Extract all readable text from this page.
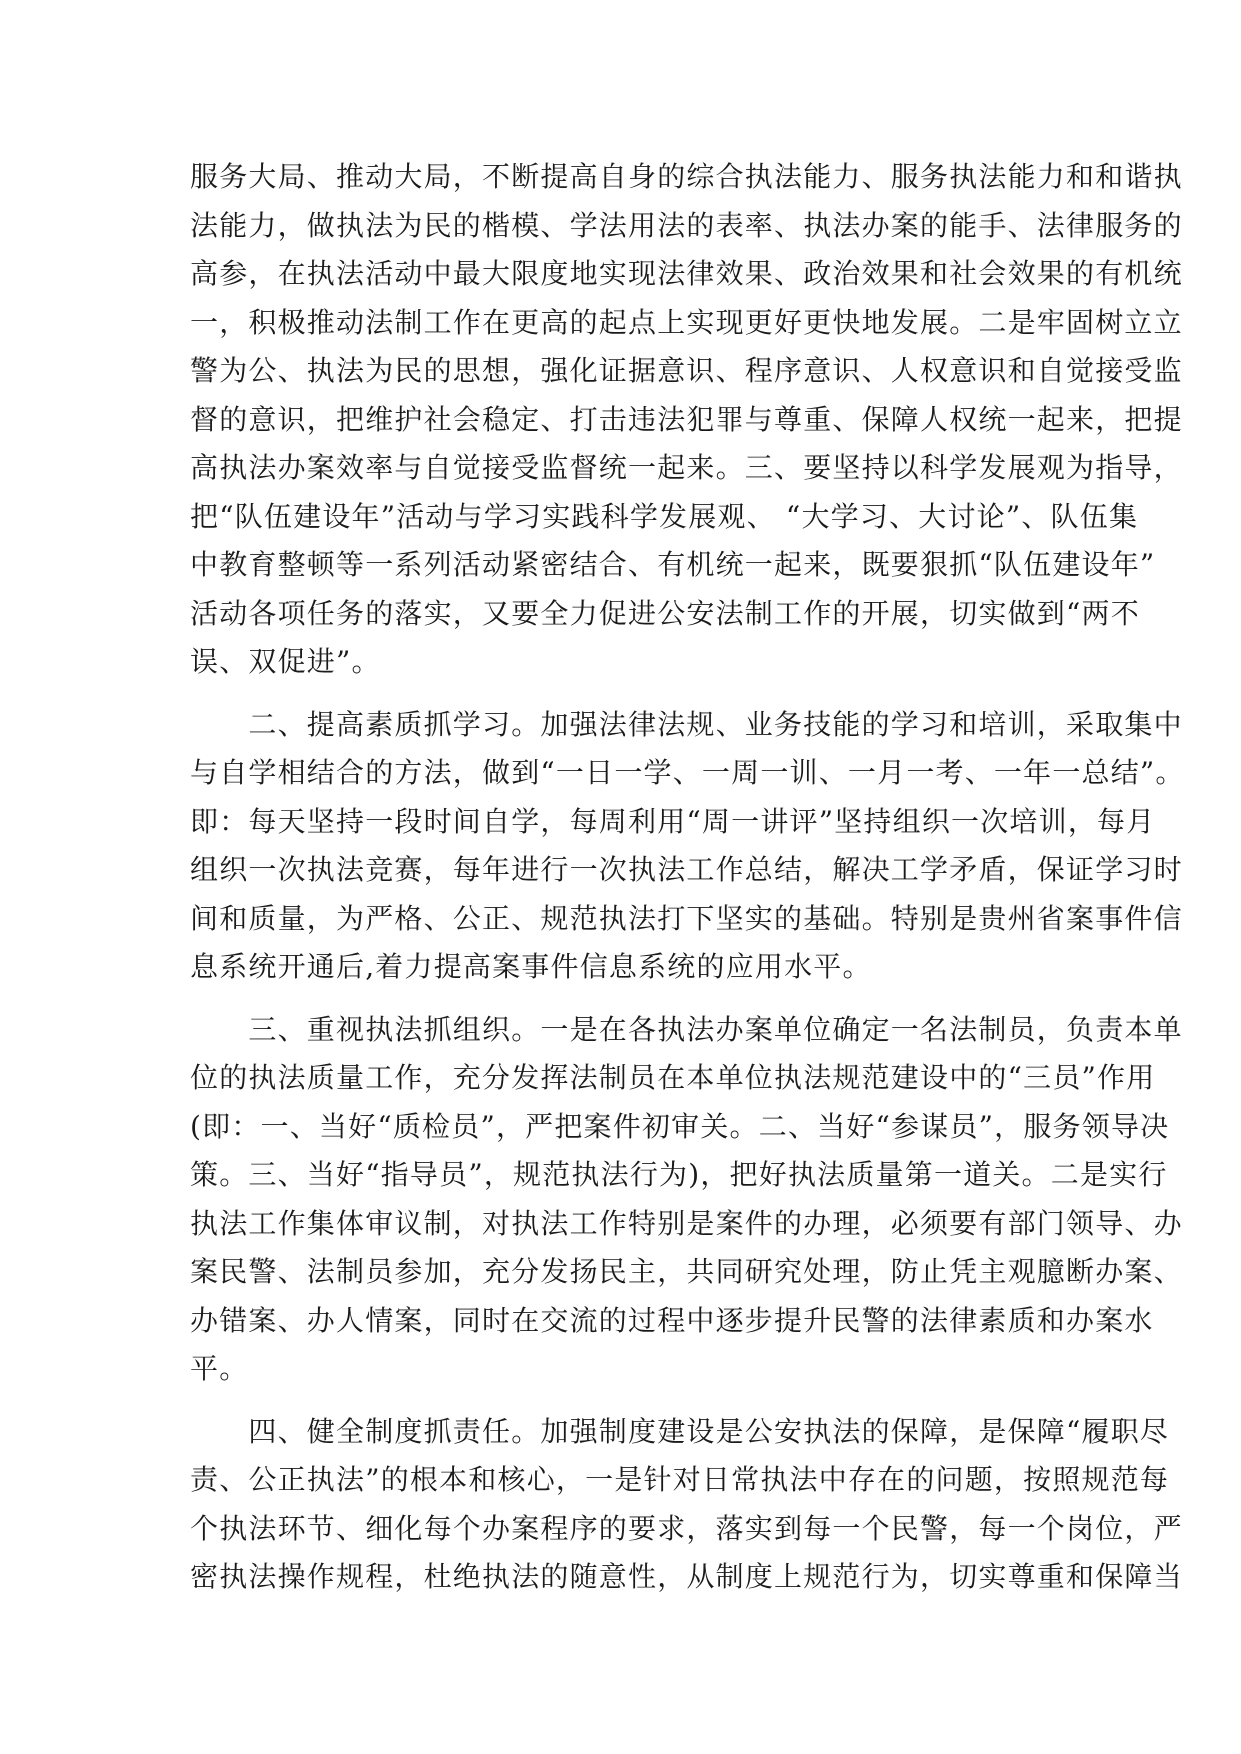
服务大局、推动大局，不断提高自身的综合执法能力、服务执法能力和和谐执
法能力，做执法为民的楷模、学法用法的表率、执法办案的能手、法律服务的
高参，在执法活动中最大限度地实现法律效果、政治效果和社会效果的有机统
一，积极推动法制工作在更高的起点上实现更好更快地发展。二是牢固树立立
警为公、执法为民的思想，强化证据意识、程序意识、人权意识和自觉接受监
督的意识，把维护社会稳定、打击违法犯罪与尊重、保障人权统一起来，把提
高执法办案效率与自觉接受监督统一起来。三、要坚持以科学发展观为指导，
把“队伍建设年”活动与学习实践科学发展观、 “大学习、大讨论”、队伍集
中教育整顿等一系列活动紧密结合、有机统一起来，既要狠抓“队伍建设年”
活动各项任务的落实，又要全力促进公安法制工作的开展，切实做到“两不
误、双促进”。
　　二、提高素质抓学习。加强法律法规、业务技能的学习和培训，采取集中
与自学相结合的方法，做到“一日一学、一周一训、一月一考、一年一总结”。
即：每天坚持一段时间自学，每周利用“周一讲评”坚持组织一次培训，每月
组织一次执法竞赛，每年进行一次执法工作总结，解决工学矛盾，保证学习时
间和质量，为严格、公正、规范执法打下坚实的基础。特别是贵州省案事件信
息系统开通后,着力提高案事件信息系统的应用水平。
　　三、重视执法抓组织。一是在各执法办案单位确定一名法制员，负责本单
位的执法质量工作，充分发挥法制员在本单位执法规范建设中的“三员”作用
(即：一、当好“质检员”，严把案件初审关。二、当好“参谋员”，服务领导决
策。三、当好“指导员”，规范执法行为)，把好执法质量第一道关。二是实行
执法工作集体审议制，对执法工作特别是案件的办理，必须要有部门领导、办
案民警、法制员参加，充分发扬民主，共同研究处理，防止凭主观臆断办案、
办错案、办人情案，同时在交流的过程中逐步提升民警的法律素质和办案水
平。
　　四、健全制度抓责任。加强制度建设是公安执法的保障，是保障“履职尽
责、公正执法”的根本和核心，一是针对日常执法中存在的问题，按照规范每
个执法环节、细化每个办案程序的要求，落实到每一个民警，每一个岗位，严
密执法操作规程，杜绝执法的随意性，从制度上规范行为，切实尊重和保障当
